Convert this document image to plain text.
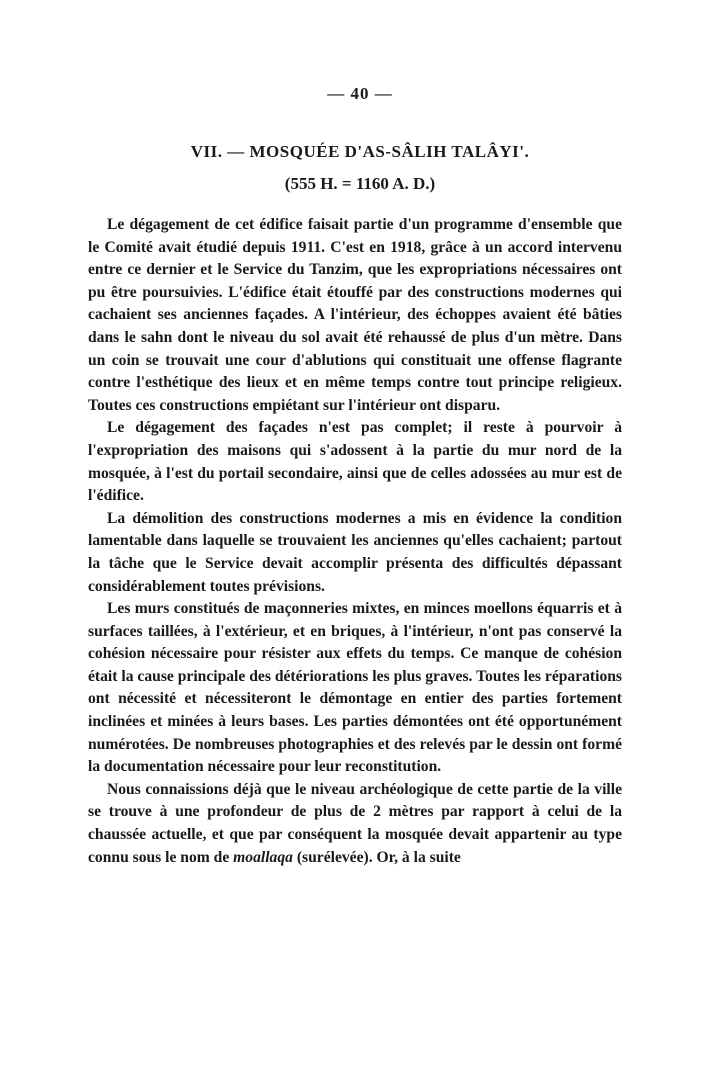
— 40 —
VII. — MOSQUÉE D'AS-SÂLIH TALÂYI'.
(555 H. = 1160 A. D.)

Le dégagement de cet édifice faisait partie d'un programme d'ensemble que le Comité avait étudié depuis 1911. C'est en 1918, grâce à un accord intervenu entre ce dernier et le Service du Tanzim, que les expropriations nécessaires ont pu être poursuivies. L'édifice était étouffé par des constructions modernes qui cachaient ses anciennes façades. A l'intérieur, des échoppes avaient été bâties dans le sahn dont le niveau du sol avait été rehaussé de plus d'un mètre. Dans un coin se trouvait une cour d'ablutions qui constituait une offense flagrante contre l'esthétique des lieux et en même temps contre tout principe religieux. Toutes ces constructions empiétant sur l'intérieur ont disparu.

Le dégagement des façades n'est pas complet; il reste à pourvoir à l'expropriation des maisons qui s'adossent à la partie du mur nord de la mosquée, à l'est du portail secondaire, ainsi que de celles adossées au mur est de l'édifice.

La démolition des constructions modernes a mis en évidence la condition lamentable dans laquelle se trouvaient les anciennes qu'elles cachaient; partout la tâche que le Service devait accomplir présenta des difficultés dépassant considérablement toutes prévisions.

Les murs constitués de maçonneries mixtes, en minces moellons équarris et à surfaces taillées, à l'extérieur, et en briques, à l'intérieur, n'ont pas conservé la cohésion nécessaire pour résister aux effets du temps. Ce manque de cohésion était la cause principale des détériorations les plus graves. Toutes les réparations ont nécessité et nécessiteront le démontage en entier des parties fortement inclinées et minées à leurs bases. Les parties démontées ont été opportunément numérotées. De nombreuses photographies et des relevés par le dessin ont formé la documentation nécessaire pour leur reconstitution.

Nous connaissions déjà que le niveau archéologique de cette partie de la ville se trouve à une profondeur de plus de 2 mètres par rapport à celui de la chaussée actuelle, et que par conséquent la mosquée devait appartenir au type connu sous le nom de moallaqa (surélevée). Or, à la suite
